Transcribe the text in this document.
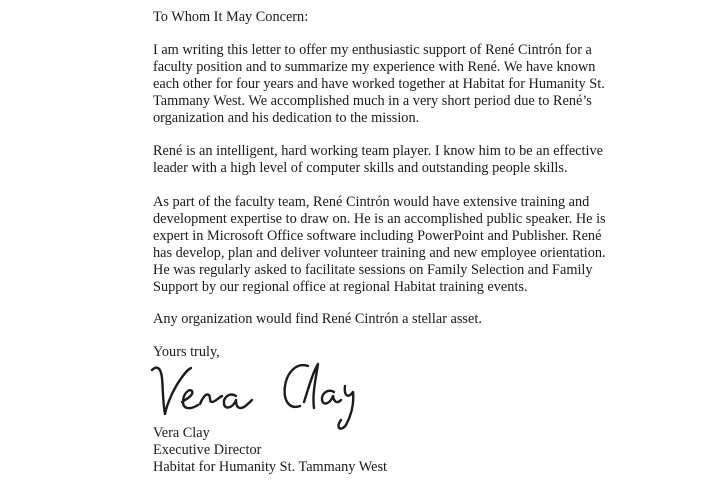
To Whom It May Concern:
I am writing this letter to offer my enthusiastic support of René Cintrón for a
faculty position and to summarize my experience with René. We have known
each other for four years and have worked together at Habitat for Humanity St.
Tammany West. We accomplished much in a very short period due to René’s
organization and his dedication to the mission.
René is an intelligent, hard working team player. I know him to be an effective
leader with a high level of computer skills and outstanding people skills.
As part of the faculty team, René Cintrón would have extensive training and
development expertise to draw on. He is an accomplished public speaker. He is
expert in Microsoft Office software including PowerPoint and Publisher. René
has develop, plan and deliver volunteer training and new employee orientation.
He was regularly asked to facilitate sessions on Family Selection and Family
Support by our regional office at regional Habitat training events.
Any organization would find René Cintrón a stellar asset.
Yours truly,
Vera Clay
Executive Director
Habitat for Humanity St. Tammany West
